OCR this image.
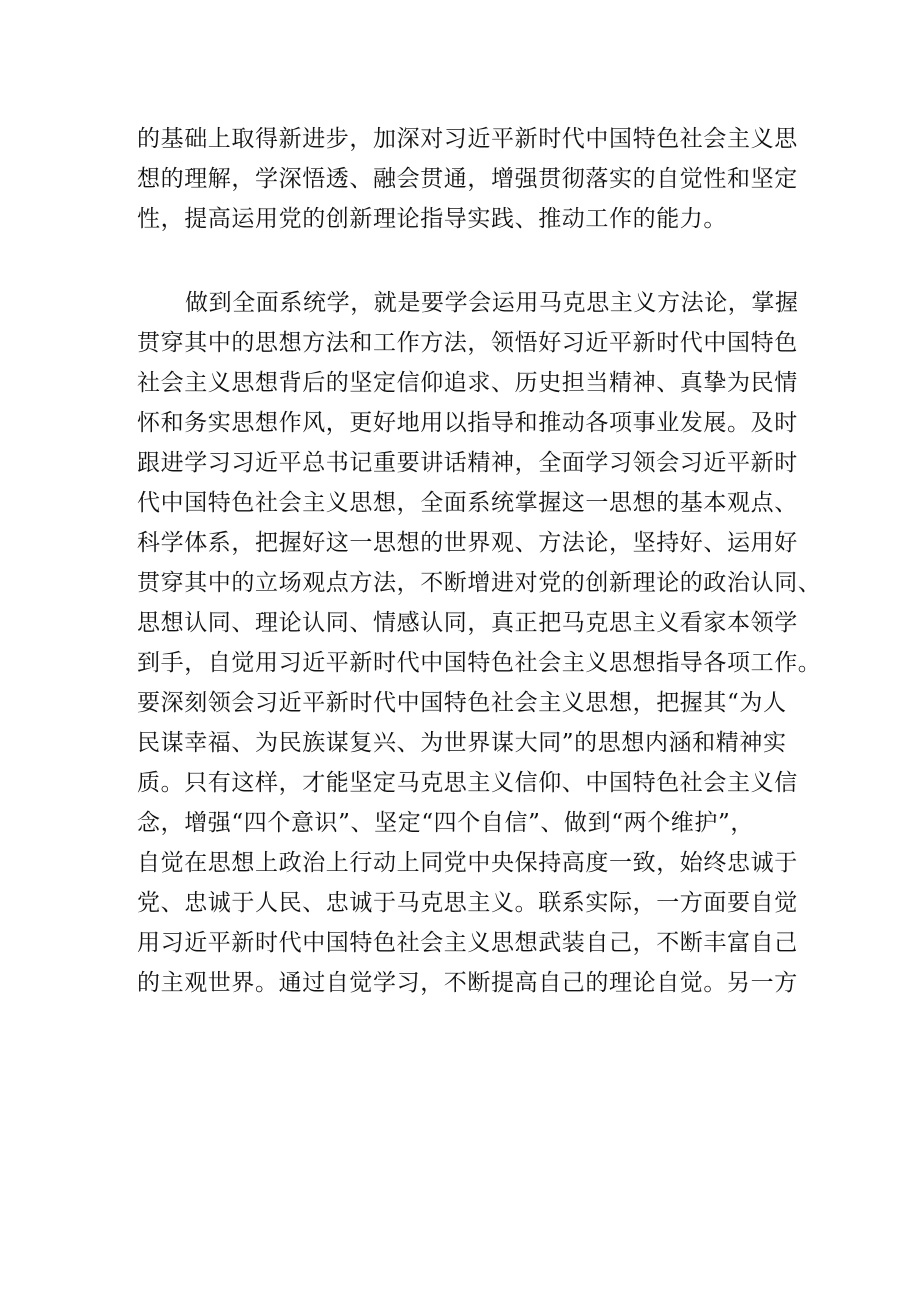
的基础上取得新进步，加深对习近平新时代中国特色社会主义思
想的理解，学深悟透、融会贯通，增强贯彻落实的自觉性和坚定
性，提高运用党的创新理论指导实践、推动工作的能力。
做到全面系统学，就是要学会运用马克思主义方法论，掌握
贯穿其中的思想方法和工作方法，领悟好习近平新时代中国特色
社会主义思想背后的坚定信仰追求、历史担当精神、真挚为民情
怀和务实思想作风，更好地用以指导和推动各项事业发展。及时
跟进学习习近平总书记重要讲话精神，全面学习领会习近平新时
代中国特色社会主义思想，全面系统掌握这一思想的基本观点、
科学体系，把握好这一思想的世界观、方法论，坚持好、运用好
贯穿其中的立场观点方法，不断增进对党的创新理论的政治认同、
思想认同、理论认同、情感认同，真正把马克思主义看家本领学
到手，自觉用习近平新时代中国特色社会主义思想指导各项工作。
要深刻领会习近平新时代中国特色社会主义思想，把握其“为人
民谋幸福、为民族谋复兴、为世界谋大同”的思想内涵和精神实
质。只有这样，才能坚定马克思主义信仰、中国特色社会主义信
念，增强“四个意识”、坚定“四个自信”、做到“两个维护”，
自觉在思想上政治上行动上同党中央保持高度一致，始终忠诚于
党、忠诚于人民、忠诚于马克思主义。联系实际，一方面要自觉
用习近平新时代中国特色社会主义思想武装自己，不断丰富自己
的主观世界。通过自觉学习，不断提高自己的理论自觉。另一方
